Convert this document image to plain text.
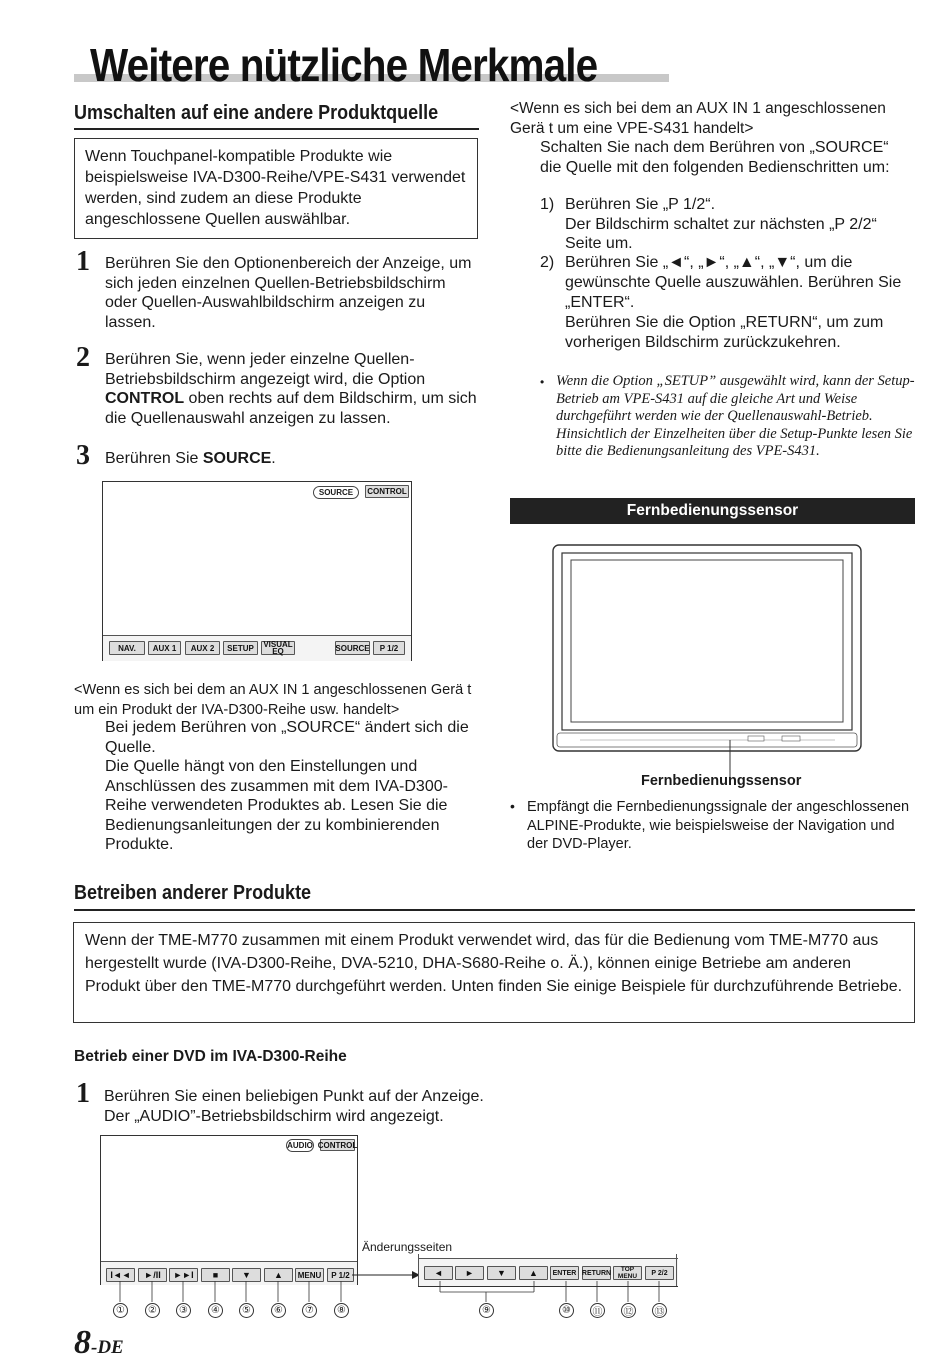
Weitere nützliche Merkmale
Umschalten auf eine andere Produktquelle
Wenn Touchpanel-kompatible Produkte wie beispielsweise IVA-D300-Reihe/VPE-S431 verwendet werden, sind zudem an diese Produkte angeschlossene Quellen auswählbar.
1 Berühren Sie den Optionenbereich der Anzeige, um sich jeden einzelnen Quellen-Betriebsbildschirm oder Quellen-Auswahlbildschirm anzeigen zu lassen.
2 Berühren Sie, wenn jeder einzelne Quellen-Betriebsbildschirm angezeigt wird, die Option CONTROL oben rechts auf dem Bildschirm, um sich die Quellenauswahl anzeigen zu lassen.
3 Berühren Sie SOURCE.
SOURCE	CONTROL
NAV.	AUX 1	AUX 2	SETUP	VISUAL EQ	SOURCE	P 1/2
<Wenn es sich bei dem an AUX IN 1 angeschlossenen Gerä t um ein Produkt der IVA-D300-Reihe usw. handelt>
Bei jedem Berühren von „SOURCE“ ändert sich die Quelle.
Die Quelle hängt von den Einstellungen und Anschlüssen des zusammen mit dem IVA-D300-Reihe verwendeten Produktes ab. Lesen Sie die Bedienungsanleitungen der zu kombinierenden Produkte.
<Wenn es sich bei dem an AUX IN 1 angeschlossenen Gerä t um eine VPE-S431 handelt>
Schalten Sie nach dem Berühren von „SOURCE“ die Quelle mit den folgenden Bedienschritten um:
1) Berühren Sie „P 1/2“.
Der Bildschirm schaltet zur nächsten „P 2/2“ Seite um.
2) Berühren Sie „◄“, „►“, „▲“, „▼“, um die gewünschte Quelle auszuwählen. Berühren Sie „ENTER“.
Berühren Sie die Option „RETURN“, um zum vorherigen Bildschirm zurückzukehren.
• Wenn die Option „SETUP” ausgewählt wird, kann der Setup-Betrieb am VPE-S431 auf die gleiche Art und Weise durchgeführt werden wie der Quellenauswahl-Betrieb. Hinsichtlich der Einzelheiten über die Setup-Punkte lesen Sie bitte die Bedienungsanleitung des VPE-S431.
Fernbedienungssensor
Fernbedienungssensor
• Empfängt die Fernbedienungssignale der angeschlossenen ALPINE-Produkte, wie beispielsweise der Navigation und der DVD-Player.
Betreiben anderer Produkte
Wenn der TME-M770 zusammen mit einem Produkt verwendet wird, das für die Bedienung vom TME-M770 aus hergestellt wurde (IVA-D300-Reihe, DVA-5210, DHA-S680-Reihe o. Ä.), können einige Betriebe am anderen Produkt über den TME-M770 durchgeführt werden. Unten finden Sie einige Beispiele für durchzuführende Betriebe.
Betrieb einer DVD im IVA-D300-Reihe
1 Berühren Sie einen beliebigen Punkt auf der Anzeige.
Der „AUDIO”-Betriebsbildschirm wird angezeigt.
AUDIO CONTROL
I◄◄	►/II	►►I	■	▼	▲	MENU	P 1/2
Änderungsseiten
◄	►	▼	▲	ENTER RETURN	TOP MENU	P 2/2
①	②	③	④	⑤	⑥	⑦	⑧	⑨	⑩	⑪ ⑫ ⑬
8-DE
